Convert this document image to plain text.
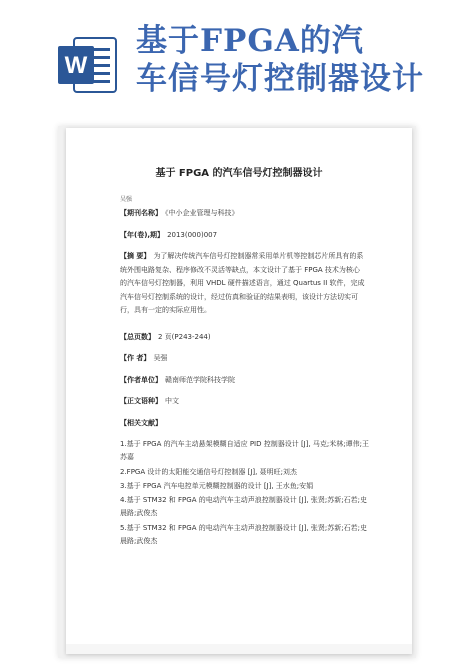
W
基于FPGA的汽
车信号灯控制器设计
基于 FPGA 的汽车信号灯控制器设计
吴强
【期刊名称】 《中小企业管理与科技》
【年(卷),期】 2013(000)007
【摘 要】 为了解决传统汽车信号灯控制器常采用单片机等控制芯片所具有的系统外围电路复杂、程序修改不灵活等缺点，本文设计了基于 FPGA 技术为核心的汽车信号灯控制器，利用 VHDL 硬件描述语言，通过 Quartus II 软件，完成汽车信号灯控制系统的设计，经过仿真和验证的结果表明，该设计方法切实可行，具有一定的实际应用性。
【总页数】 2 页(P243-244)
【作 者】 吴强
【作者单位】 赣南师范学院科技学院
【正文语种】 中文
【相关文献】
1.基于 FPGA 的汽车主动悬架模糊自适应 PID 控制器设计 [J], 马克;米林;谭伟;王苏嘉
2.FPGA 设计的太阳能交通信号灯控制器 [J], 聂明旺;刘杰
3.基于 FPGA 汽车电控单元模糊控制器的设计 [J], 王水鱼;安娟
4.基于 STM32 和 FPGA 的电动汽车主动声浪控制器设计 [J], 张贤;苏新;石若;史晨路;武俊杰
5.基于 STM32 和 FPGA 的电动汽车主动声浪控制器设计 [J], 张贤;苏新;石若;史晨路;武俊杰
